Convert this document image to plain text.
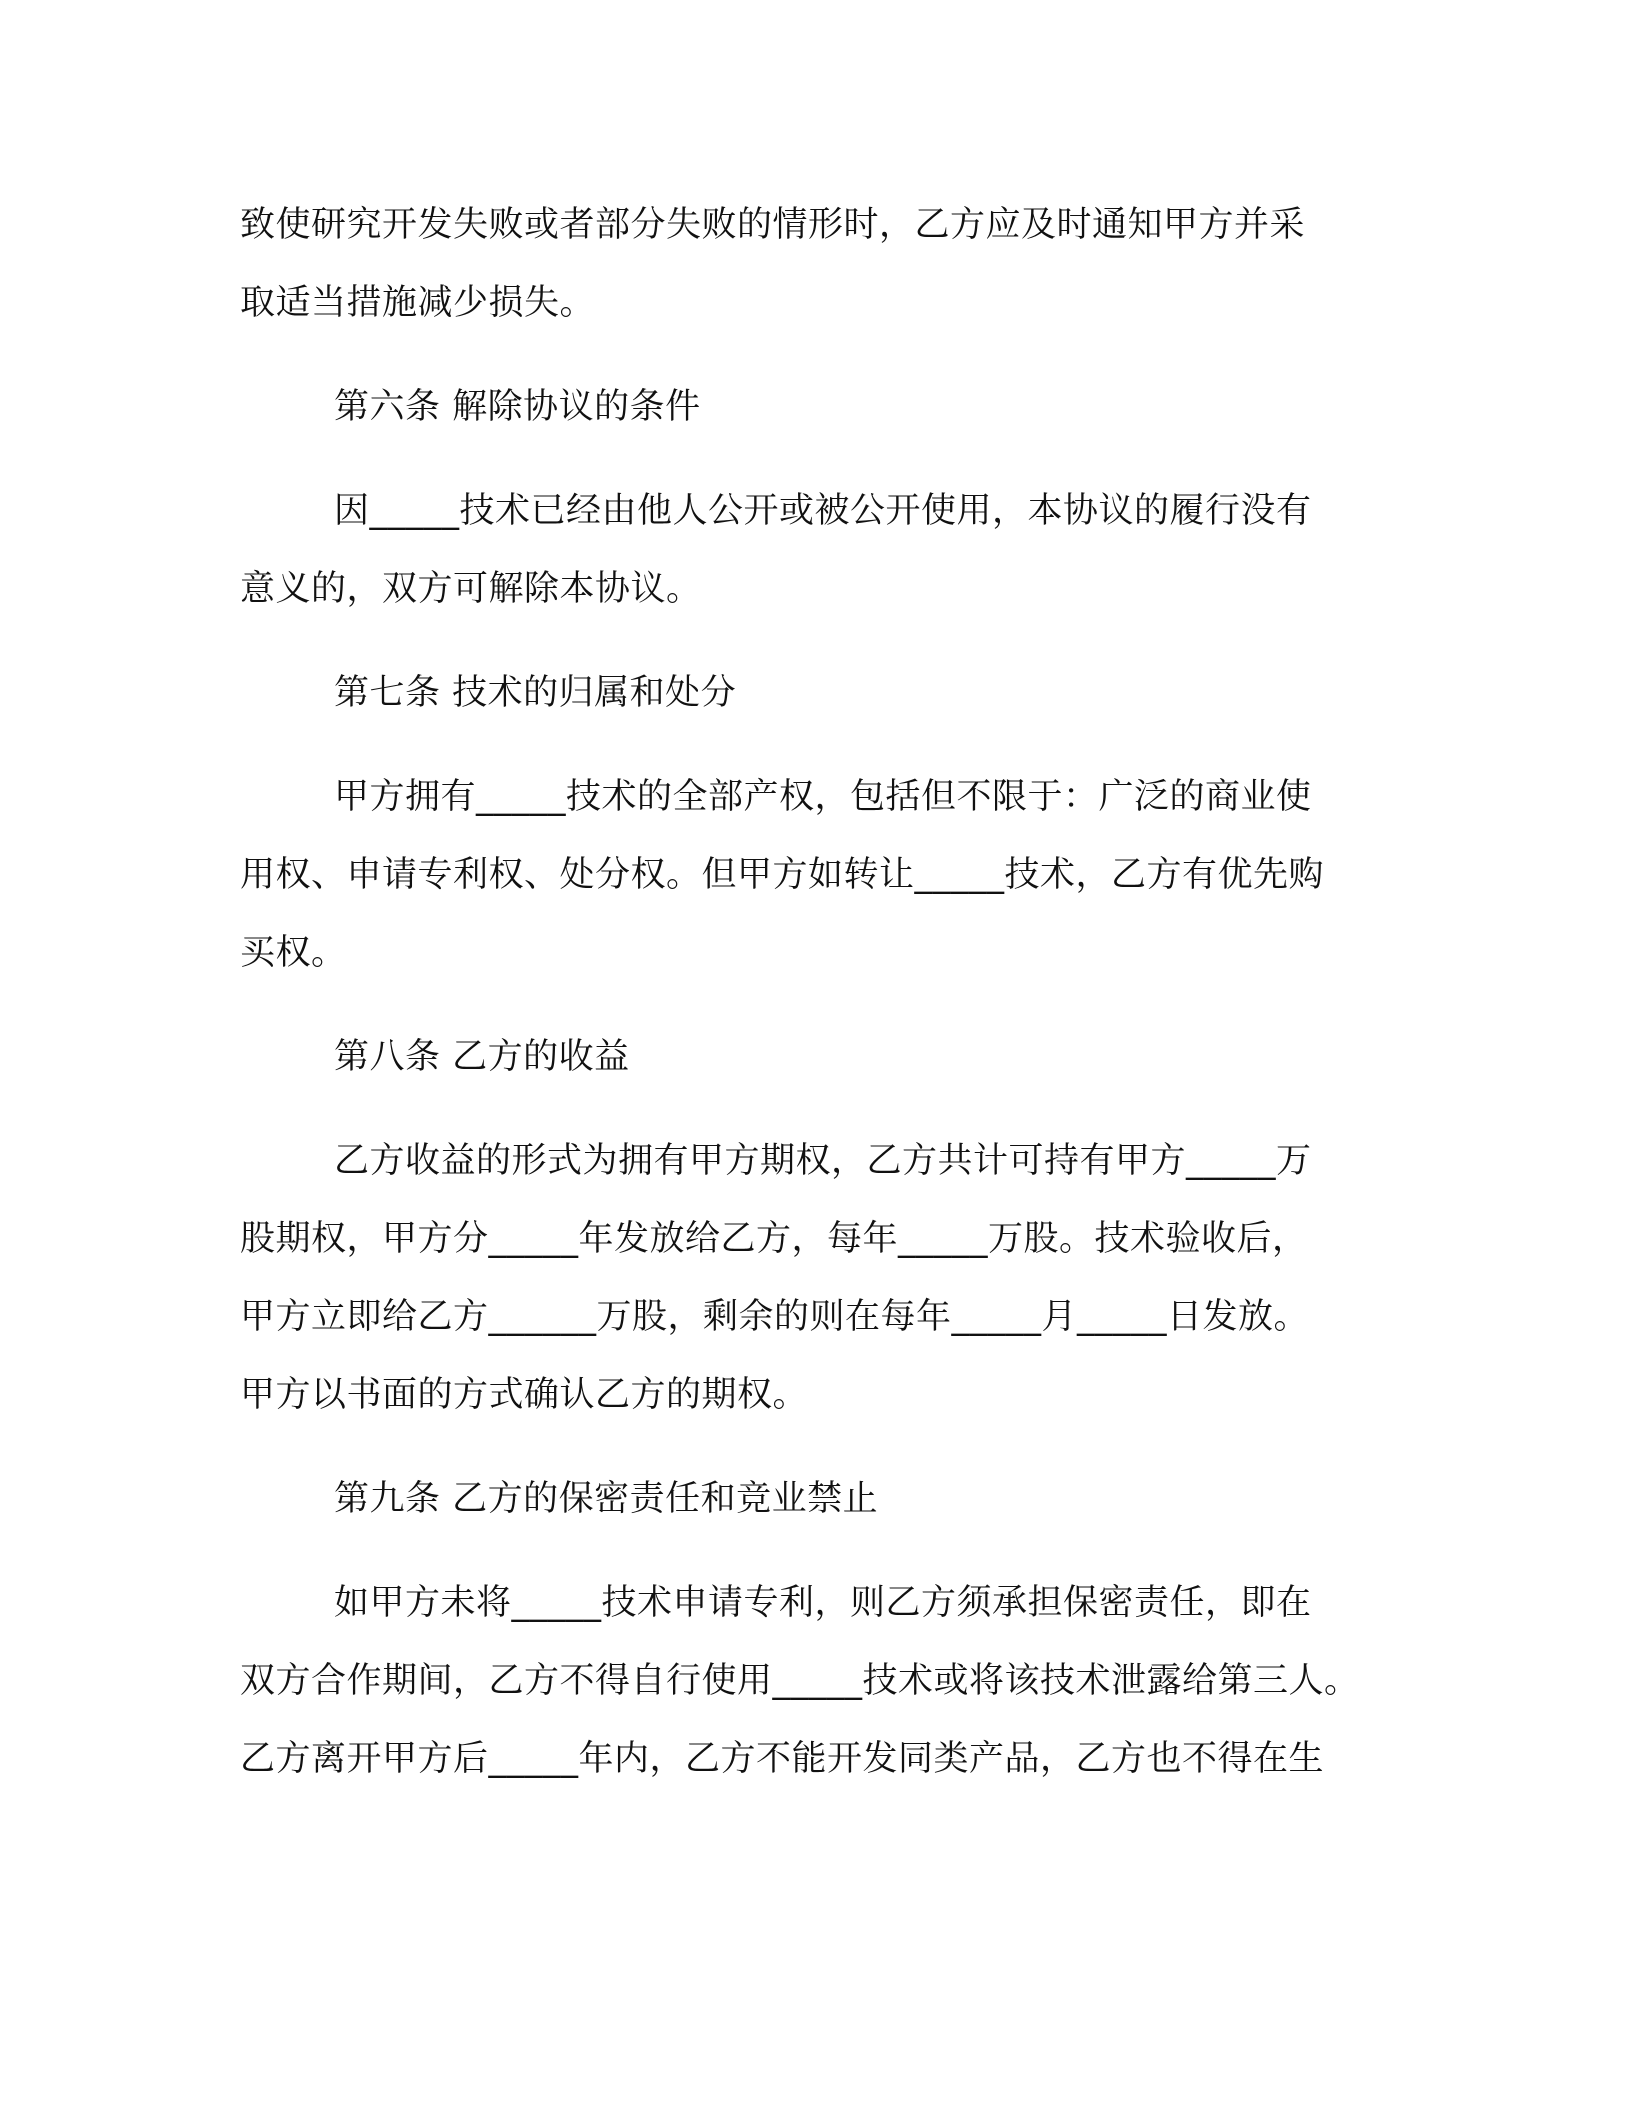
致使研究开发失败或者部分失败的情形时，乙方应及时通知甲方并采
取适当措施减少损失。
第六条 解除协议的条件
因_____技术已经由他人公开或被公开使用，本协议的履行没有
意义的，双方可解除本协议。
第七条 技术的归属和处分
甲方拥有_____技术的全部产权，包括但不限于：广泛的商业使
用权、申请专利权、处分权。但甲方如转让_____技术，乙方有优先购
买权。
第八条 乙方的收益
乙方收益的形式为拥有甲方期权，乙方共计可持有甲方_____万
股期权，甲方分_____年发放给乙方，每年_____万股。技术验收后，
甲方立即给乙方______万股，剩余的则在每年_____月_____日发放。
甲方以书面的方式确认乙方的期权。
第九条 乙方的保密责任和竞业禁止
如甲方未将_____技术申请专利，则乙方须承担保密责任，即在
双方合作期间，乙方不得自行使用_____技术或将该技术泄露给第三人。
乙方离开甲方后_____年内，乙方不能开发同类产品，乙方也不得在生
